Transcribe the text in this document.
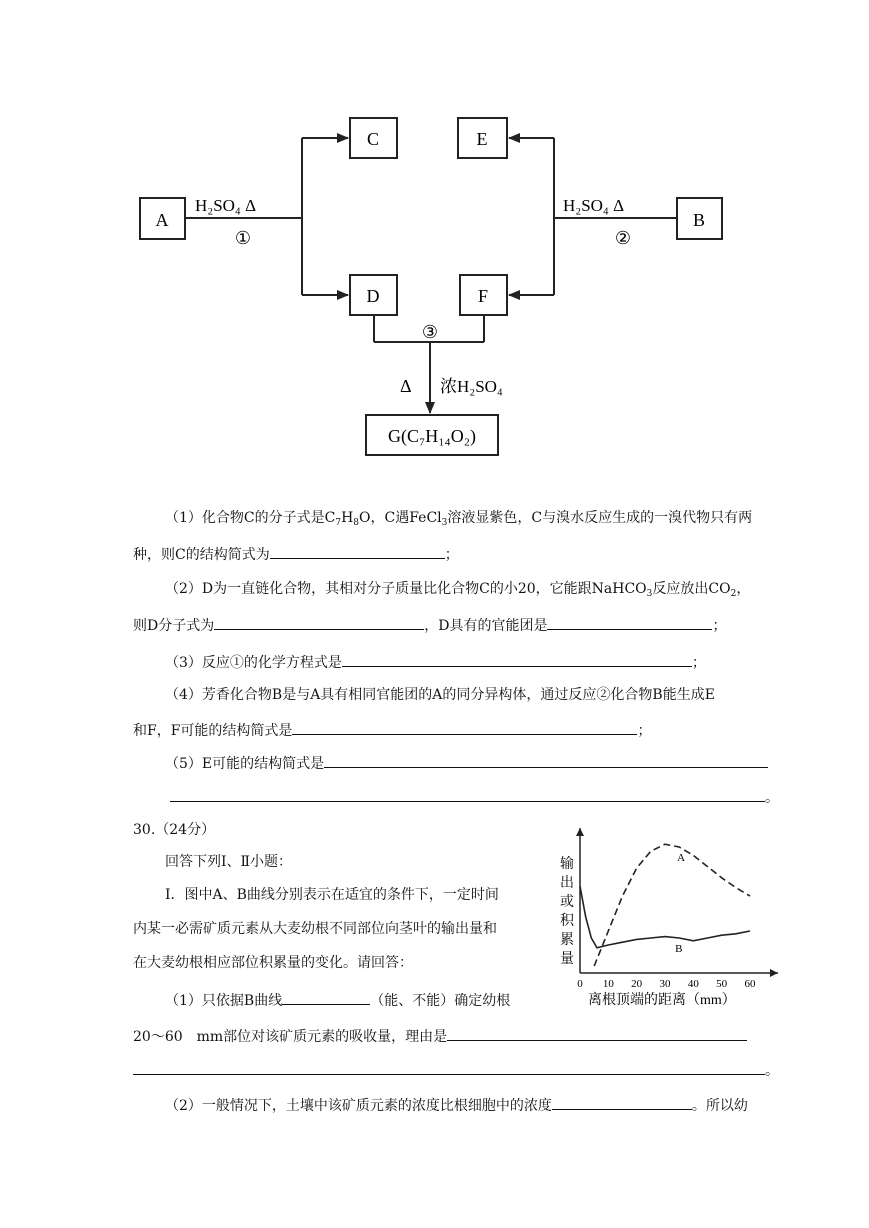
A
C	E
D	F
B
G(C₇H₁₄O₂)
H₂SO₄ Δ
①
H₂SO₄ Δ
②
③
Δ 浓H₂SO₄
（1）化合物C的分子式是$C_7H_8O$，C遇FeCl$_3$溶液显紫色，C与溴水反应生成的一溴代物只有两
种，则C的结构简式为	；
（2）D为一直链化合物，其相对分子质量比化合物C的小20，它能跟NaHCO$_3$反应放出$CO_2$，
则D分子式为	，D具有的官能团是	；
（3）反应①的化学方程式是	；
（4）芳香化合物B是与A具有相同官能团的A的同分异构体，通过反应②化合物B能生成E
和F，F可能的结构简式是	；
（5）E可能的结构简式是
。
30.（24分）
回答下列Ⅰ、Ⅱ小题：
Ⅰ．图中A、B曲线分别表示在适宜的条件下，一定时间
内某一必需矿质元素从大麦幼根不同部位向茎叶的输出量和
在大麦幼根相应部位积累量的变化。请回答：
（1）只依据B曲线	（能、不能）确定幼根
20～60　mm部位对该矿质元素的吸收量，理由是
。
（2）一般情况下，土壤中该矿质元素的浓度比根细胞中的浓度	。所以幼
A
B
0 10 20 30 40 50 60
输出或积累量
离根顶端的距离（mm）
